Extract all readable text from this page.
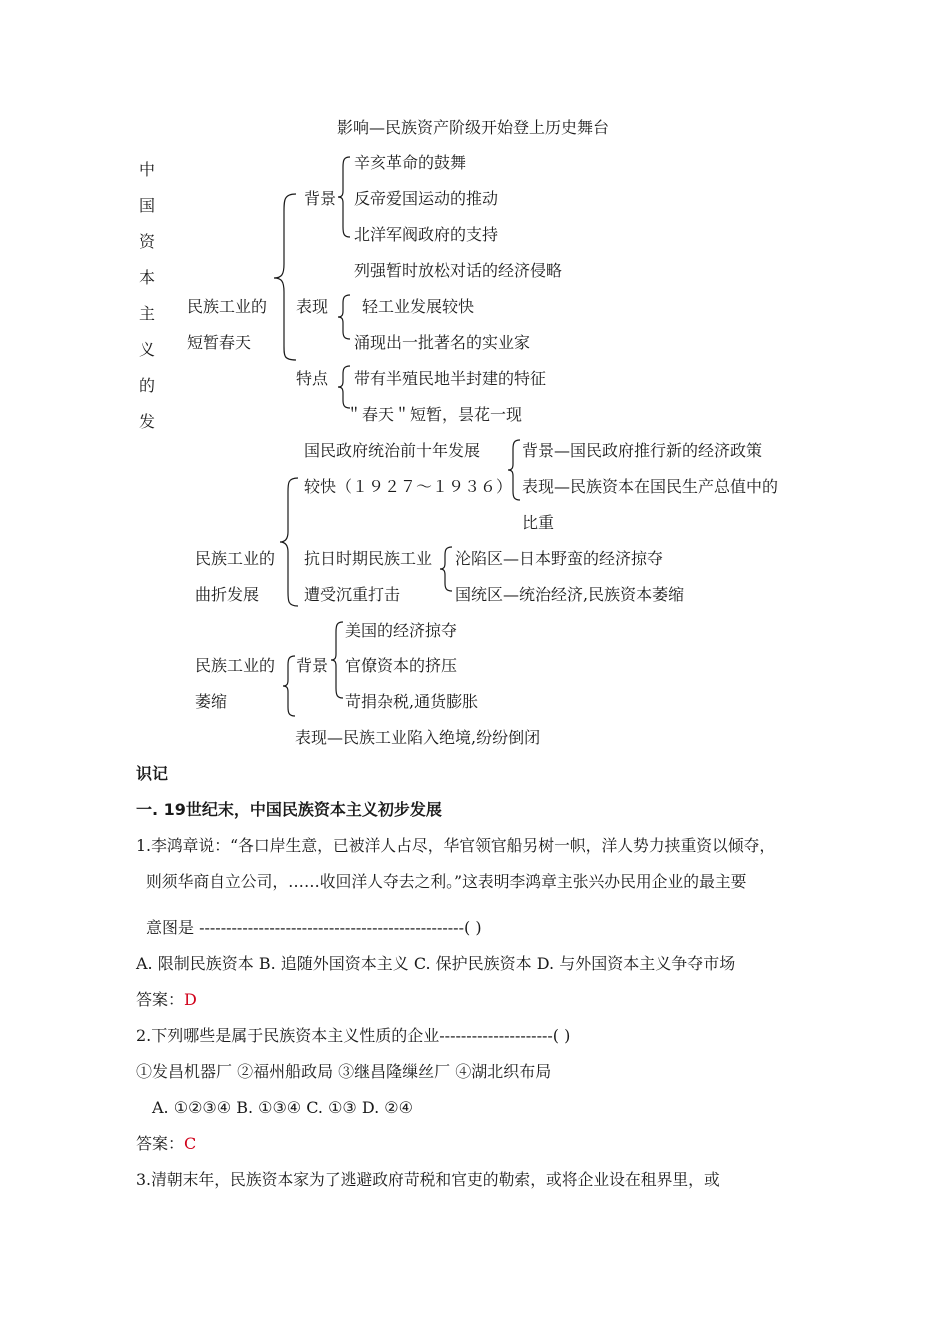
影响—民族资产阶级开始登上历史舞台
中
国
资
本
主
义
的
发
民族工业的
短暂春天
背景
辛亥革命的鼓舞
反帝爱国运动的推动
北洋军阀政府的支持
列强暂时放松对话的经济侵略
表现 轻工业发展较快
涌现出一批著名的实业家
特点 带有半殖民地半封建的特征
＂春天＂短暂，昙花一现
民族工业的
曲折发展
国民政府统治前十年发展
较快（１９２７～１９３６）
背景—国民政府推行新的经济政策
表现—民族资本在国民生产总值中的
比重
抗日时期民族工业
遭受沉重打击
沦陷区—日本野蛮的经济掠夺
国统区—统治经济,民族资本萎缩
民族工业的
萎缩
背景
美国的经济掠夺
官僚资本的挤压
苛捐杂税,通货膨胀
表现—民族工业陷入绝境,纷纷倒闭
识记
一. 19世纪末，中国民族资本主义初步发展
1.李鸿章说：“各口岸生意，已被洋人占尽，华官领官船另树一帜，洋人势力挟重资以倾夺，
则须华商自立公司，……收回洋人夺去之利。”这表明李鸿章主张兴办民用企业的最主要
意图是 -------------------------------------------------( )
A. 限制民族资本 B. 追随外国资本主义 C. 保护民族资本 D. 与外国资本主义争夺市场
答案：D
2.下列哪些是属于民族资本主义性质的企业---------------------( )
①发昌机器厂 ②福州船政局 ③继昌隆缫丝厂 ④湖北织布局
A. ①②③④ B. ①③④ C. ①③ D. ②④
答案：C
3.清朝末年，民族资本家为了逃避政府苛税和官吏的勒索，或将企业设在租界里，或
